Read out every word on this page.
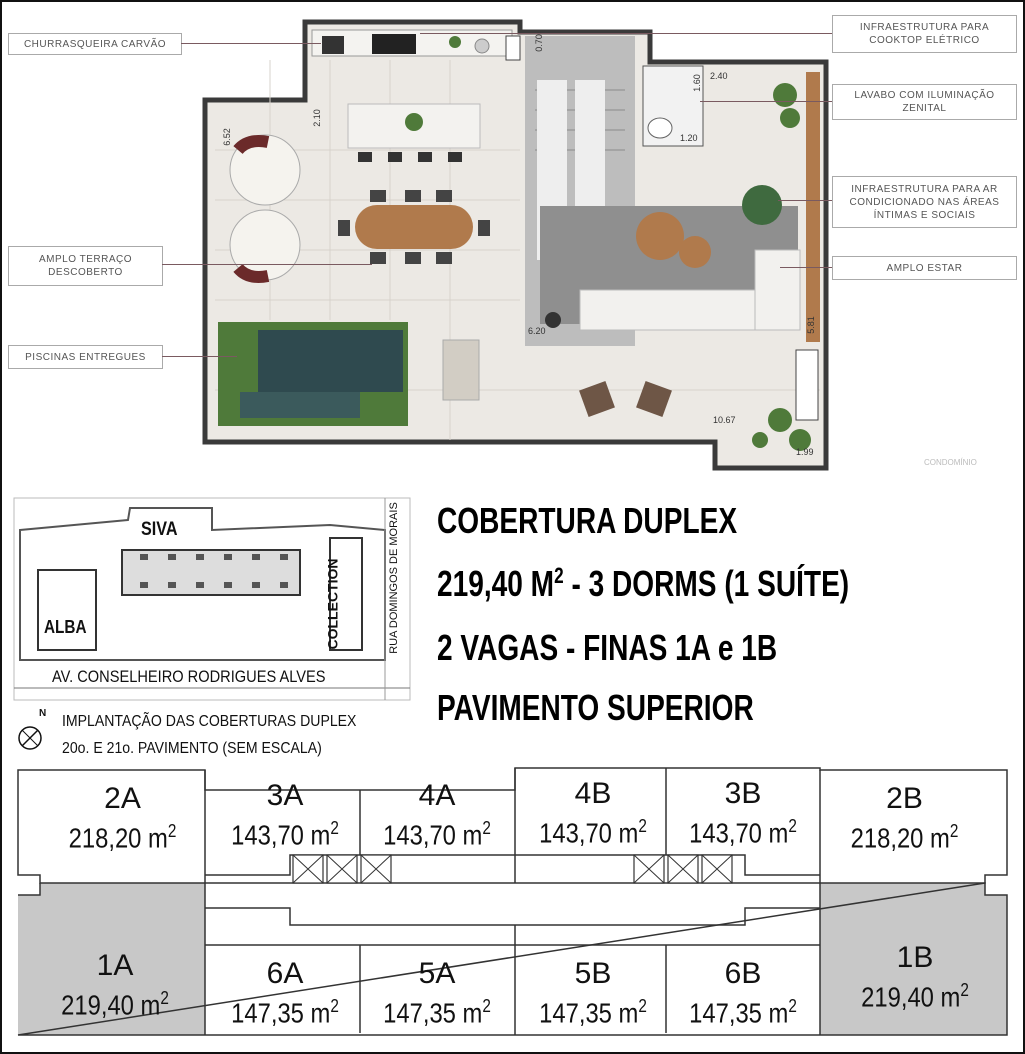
0.70
1.60 2.40
1.20
2.10
6.52
6.20	5.81
10.67
1.99
CONDOMÍNIO
CHURRASQUEIRA CARVÃO
AMPLO TERRAÇO
DESCOBERTO
PISCINAS ENTREGUES
INFRAESTRUTURA PARA
COOKTOP ELÉTRICO
LAVABO COM ILUMINAÇÃO
ZENITAL
INFRAESTRUTURA PARA AR
CONDICIONADO NAS ÁREAS
ÍNTIMAS E SOCIAIS
AMPLO ESTAR
SIVA
ALBA	COLLECTION	RUA DOMINGOS DE MORAIS
AV. CONSELHEIRO RODRIGUES ALVES
N IMPLANTAÇÃO DAS COBERTURAS DUPLEX
20o. E 21o. PAVIMENTO (SEM ESCALA)
COBERTURA DUPLEX
219,40 $M^2 - 3$ DORMS (1 SUÍTE)
2 VAGAS - FINAS 1A e 1B
PAVIMENTO SUPERIOR
2A
218,20 $m^2$
3A
143,70 $m^2$
4A
143,70 $m^2$
4B
143,70 $m^2$
3B
143,70 $m^2$
2B
218,20 $m^2$
1A
219,40 $m^2$
6A
147,35 $m^2$
5A
147,35 $m^2$
5B
147,35 $m^2$
6B
147,35 $m^2$
1B
219,40 $m^2$
